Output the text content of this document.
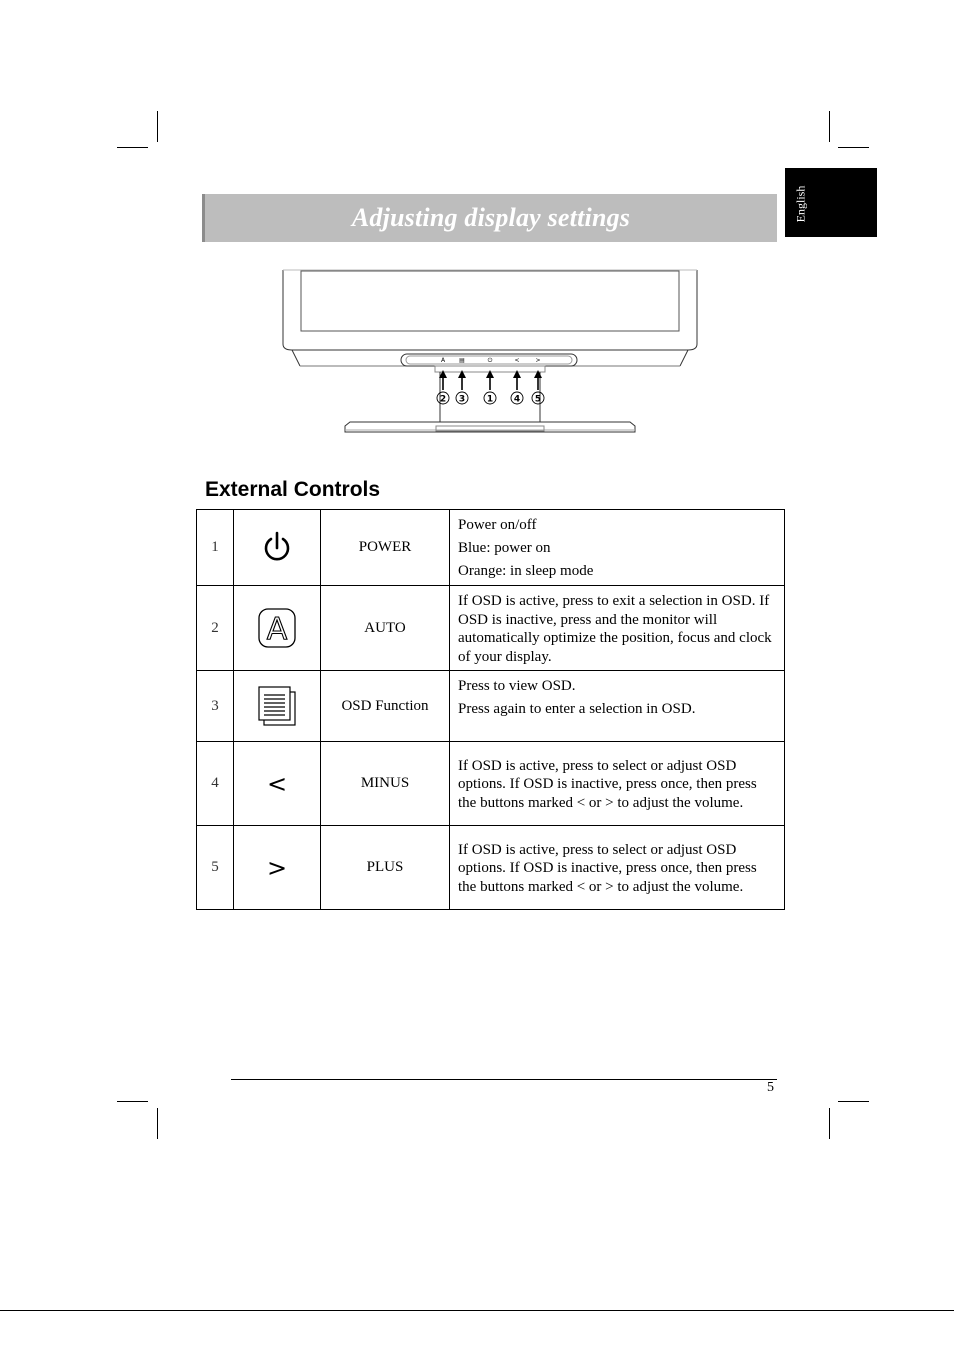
English
Adjusting display settings
A ▤	⏻	<	>
2 3 1 4 5
External Controls
1		POWER	Power on/off

Blue: power on

Orange: in sleep mode

2	A	AUTO	If OSD is active, press to exit a selection in OSD. If OSD is inactive, press and the monitor will automatically optimize the position, focus and clock of your display.

3		OSD Function	Press to view OSD.

Press again to enter a selection in OSD.

4	<	MINUS	If OSD is active, press to select or adjust OSD options. If OSD is inactive, press once, then press the buttons marked < or > to adjust the volume.

5	>	PLUS	If OSD is active, press to select or adjust OSD options. If OSD is inactive, press once, then press the buttons marked < or > to adjust the volume.

5
